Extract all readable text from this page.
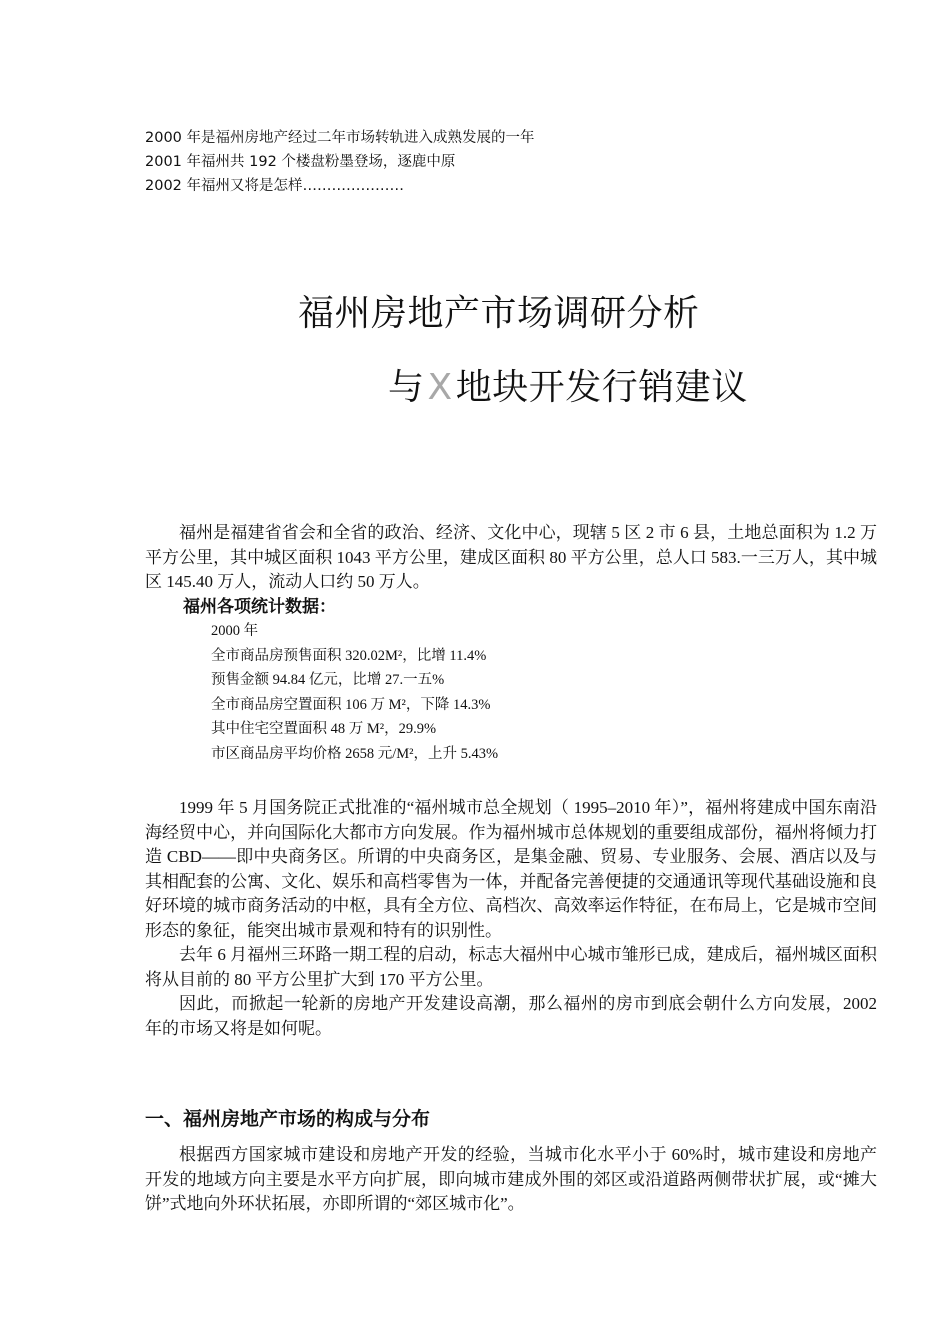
2000 年是福州房地产经过二年市场转轨进入成熟发展的一年
2001 年福州共 192 个楼盘粉墨登场，逐鹿中原
2002 年福州又将是怎样…………………
福州房地产市场调研分析
与X地块开发行销建议

福州是福建省省会和全省的政治、经济、文化中心，现辖 5 区 2 市 6 县，土地总面积为 1.2 万平方公里，其中城区面积 1043 平方公里，建成区面积 80 平方公里，总人口 583.一三万人，其中城区 145.40 万人，流动人口约 50 万人。

福州各项统计数据：
2000 年
全市商品房预售面积 320.02M²，比增 11.4%
预售金额 94.84 亿元，比增 27.一五%
全市商品房空置面积 106 万 M²，下降 14.3%
其中住宅空置面积 48 万 M²，29.9%
市区商品房平均价格 2658 元/M²，上升 5.43%

1999 年 5 月国务院正式批准的“福州城市总全规划（ 1995–2010 年）”，福州将建成中国东南沿海经贸中心，并向国际化大都市方向发展。作为福州城市总体规划的重要组成部份，福州将倾力打造 CBD——即中央商务区。所谓的中央商务区，是集金融、贸易、专业服务、会展、酒店以及与其相配套的公寓、文化、娱乐和高档零售为一体，并配备完善便捷的交通通讯等现代基础设施和良好环境的城市商务活动的中枢，具有全方位、高档次、高效率运作特征，在布局上，它是城市空间形态的象征，能突出城市景观和特有的识别性。

去年 6 月福州三环路一期工程的启动，标志大福州中心城市雏形已成，建成后，福州城区面积将从目前的 80 平方公里扩大到 170 平方公里。

因此，而掀起一轮新的房地产开发建设高潮，那么福州的房市到底会朝什么方向发展，2002 年的市场又将是如何呢。

一、福州房地产市场的构成与分布

根据西方国家城市建设和房地产开发的经验，当城市化水平小于 60%时，城市建设和房地产开发的地域方向主要是水平方向扩展，即向城市建成外围的郊区或沿道路两侧带状扩展，或“摊大饼”式地向外环状拓展，亦即所谓的“郊区城市化”。
